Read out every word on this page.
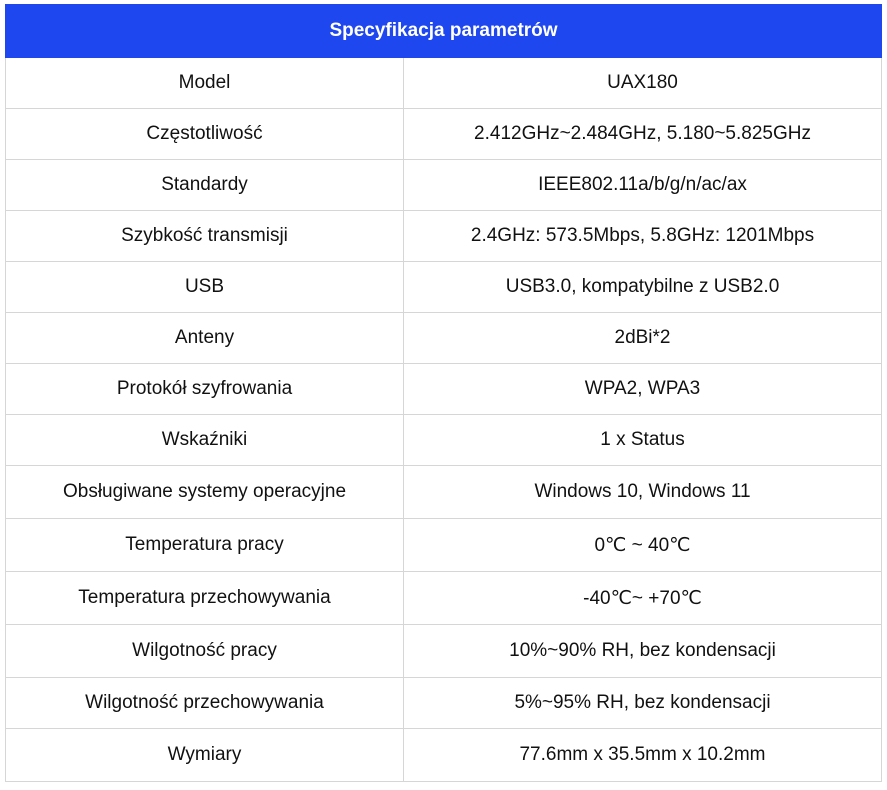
Specyfikacja parametrów	
Model	UAX180
Częstotliwość	2.412GHz~2.484GHz, 5.180~5.825GHz
Standardy	IEEE802.11a/b/g/n/ac/ax
Szybkość transmisji	2.4GHz: 573.5Mbps, 5.8GHz: 1201Mbps
USB	USB3.0, kompatybilne z USB2.0
Anteny	2dBi*2
Protokół szyfrowania	WPA2, WPA3
Wskaźniki	1 x Status
Obsługiwane systemy operacyjne	Windows 10, Windows 11
Temperatura pracy	0℃ ~ 40℃
Temperatura przechowywania	-40℃~ +70℃
Wilgotność pracy	10%~90% RH, bez kondensacji
Wilgotność przechowywania	5%~95% RH, bez kondensacji
Wymiary	77.6mm x 35.5mm x 10.2mm
